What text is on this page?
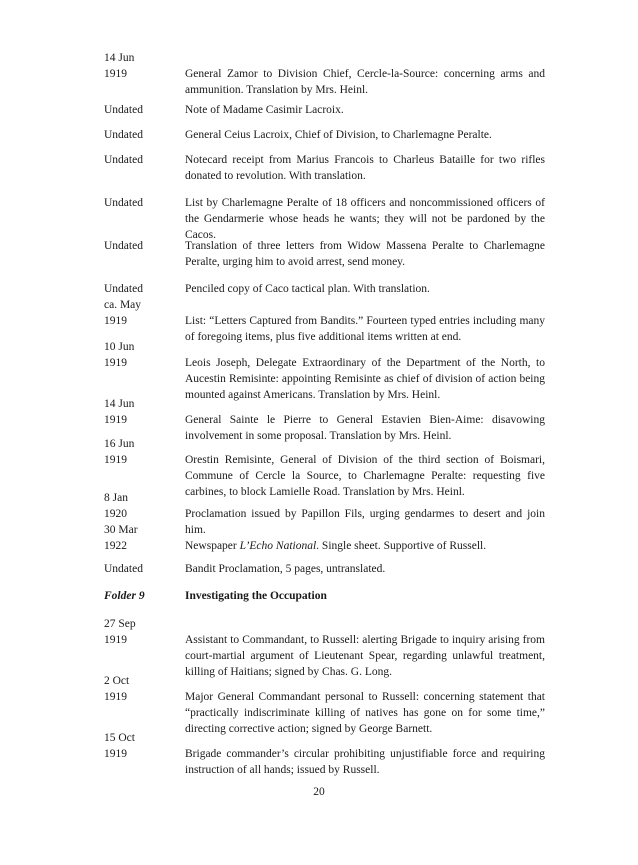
14 Jun
1919	General Zamor to Division Chief, Cercle-la-Source: concerning arms and ammunition. Translation by Mrs. Heinl.
Undated	Note of Madame Casimir Lacroix.
Undated	General Ceius Lacroix, Chief of Division, to Charlemagne Peralte.
Undated	Notecard receipt from Marius Francois to Charleus Bataille for two rifles donated to revolution. With translation.
Undated	List by Charlemagne Peralte of 18 officers and noncommissioned officers of the Gendarmerie whose heads he wants; they will not be pardoned by the Cacos.
Undated	Translation of three letters from Widow Massena Peralte to Charlemagne Peralte, urging him to avoid arrest, send money.
Undated	Penciled copy of Caco tactical plan. With translation.
ca. May
1919	List: “Letters Captured from Bandits.” Fourteen typed entries including many of foregoing items, plus five additional items written at end.
10 Jun
1919	Leois Joseph, Delegate Extraordinary of the Department of the North, to Aucestin Remisinte: appointing Remisinte as chief of division of action being mounted against Americans. Translation by Mrs. Heinl.
14 Jun
1919	General Sainte le Pierre to General Estavien Bien-Aime: disavowing involvement in some proposal. Translation by Mrs. Heinl.
16 Jun
1919	Orestin Remisinte, General of Division of the third section of Boismari, Commune of Cercle la Source, to Charlemagne Peralte: requesting five carbines, to block Lamielle Road. Translation by Mrs. Heinl.
8 Jan
1920	Proclamation issued by Papillon Fils, urging gendarmes to desert and join him.
30 Mar
1922	Newspaper L’Echo National. Single sheet. Supportive of Russell.
Undated	Bandit Proclamation, 5 pages, untranslated.
Folder 9	Investigating the Occupation
27 Sep
1919	Assistant to Commandant, to Russell: alerting Brigade to inquiry arising from court-martial argument of Lieutenant Spear, regarding unlawful treatment, killing of Haitians; signed by Chas. G. Long.
2 Oct
1919	Major General Commandant personal to Russell: concerning statement that “practically indiscriminate killing of natives has gone on for some time,” directing corrective action; signed by George Barnett.
15 Oct
1919	Brigade commander’s circular prohibiting unjustifiable force and requiring instruction of all hands; issued by Russell.
20
